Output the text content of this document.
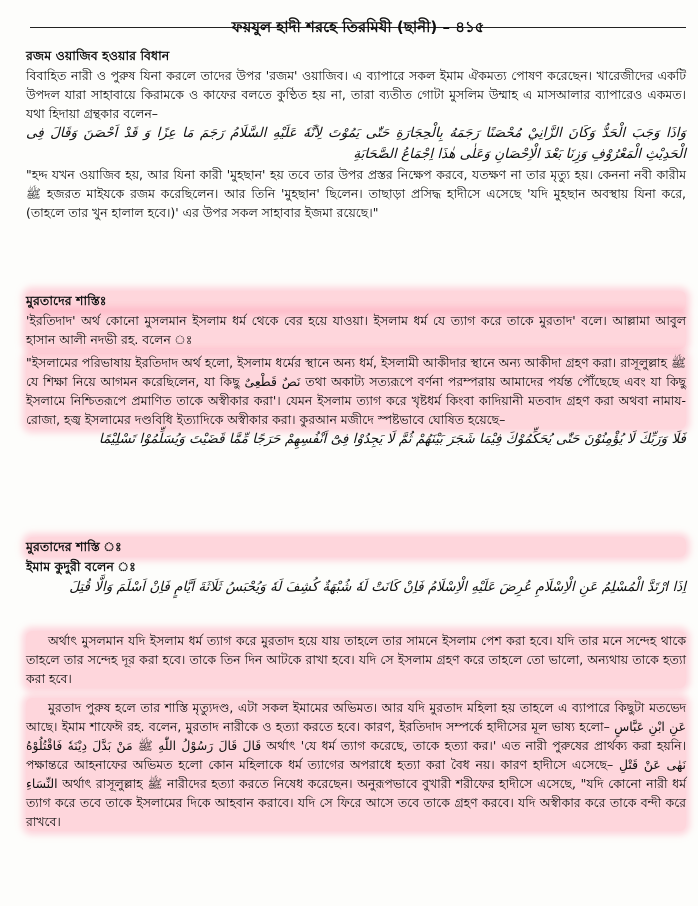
ফয়যুল হাদী শরহে তিরমিযী (ছানী) – ৪১৫

রজম ওয়াজিব হওয়ার বিধান

বিবাহিত নারী ও পুরুষ যিনা করলে তাদের উপর 'রজম' ওয়াজিব। এ ব্যাপারে সকল ইমাম ঐকমত্য পোষণ করেছেন। খারেজীদের একটি উপদল যারা সাহাবায়ে কিরামকে ও কাফের বলতে কুণ্ঠিত হয় না, তারা ব্যতীত গোটা মুসলিম উম্মাহ এ মাসআলার ব্যাপারেও একমত। যথা হিদায়া গ্রন্থকার বলেন–

وَاذَا وَجَبَ الْحَدُّ وَكَانَ الزَّانِيْ مُحْصَنًا رَجَمَهُ بِالْحِجَارَةِ حَتّٰى يَمُوْتَ لِاَنَّهٗ عَلَيْهِ السَّلَامُ رَجَمَ مَا عِزًا وَ قَدْ اَحْصَنَ وَقَالَ فِى الْحَدِيْثِ الْمَعْرُوْفِ وَزِنَا بَعْدَ الْاِحْصَانِ وَعَلٰى هٰذَا اِجْمَاعُ الصَّحَابَةِ

"হদ্দ যখন ওয়াজিব হয়, আর যিনা কারী 'মুহছান' হয় তবে তার উপর প্রস্তর নিক্ষেপ করবে, যতক্ষণ না তার মৃত্যু হয়। কেননা নবী কারীম ﷺ হজরত মাইযকে রজম করেছিলেন। আর তিনি 'মুহছান' ছিলেন। তাছাড়া প্রসিদ্ধ হাদীসে এসেছে 'যদি মুহছান অবস্থায় যিনা করে, (তাহলে তার খুন হালাল হবে।)' এর উপর সকল সাহাবার ইজমা রয়েছে।"

মুরতাদের শাস্তিঃ

'ইরতিদাদ' অর্থ কোনো মুসলমান ইসলাম ধর্ম থেকে বের হয়ে যাওয়া। ইসলাম ধর্ম যে ত্যাগ করে তাকে মুরতাদ' বলে। আল্লামা আবুল হাসান আলী নদভী রহ. বলেন ঃ

"ইসলামের পরিভাষায় ইরতিদাদ অর্থ হলো, ইসলাম ধর্মের স্থানে অন্য ধর্ম, ইসলামী আকীদার স্থানে অন্য আকীদা গ্রহণ করা। রাসূলুল্লাহ ﷺ যে শিক্ষা নিয়ে আগমন করেছিলেন, যা কিছু نَصٌ قَطْعِىٌ তথা অকাট্য সত্যরূপে বর্ণনা পরম্পরায় আমাদের পর্যন্ত পৌঁছেছে এবং যা কিছু ইসলামে নিশ্চিতরূপে প্রমাণিত তাকে অস্বীকার করা'। যেমন ইসলাম ত্যাগ করে খৃষ্টধর্ম কিংবা কাদিয়ানী মতবাদ গ্রহণ করা অথবা নামায-রোজা, হজ্ব ইসলামের দণ্ডবিধি ইত্যাদিকে অস্বীকার করা। কুরআন মজীদে স্পষ্টভাবে ঘোষিত হয়েছে–

فَلَا وَرَبِّكَ لَا يُؤْمِنُوْنَ حَتّٰى يُحَكِّمُوْكَ فِيْمَا شَجَرَ بَيْنَهُمْ ثُمَّ لَا يَجِدُوْا فِىْٓ اَنْفُسِهِمْ حَرَجًا مِّمَّا قَضَيْتَ وَيُسَلِّمُوْا تَسْلِيْمًا

মুরতাদের শাস্তি ঃ

ইমাম কুদুরী বলেন ঃ

اِذَا ارْتَدَّ الْمُسْلِمُ عَنِ الْاِسْلَامِ عُرِضَ عَلَيْهِ الْاِسْلَامُ فَاِنْ كَانَتْ لَهٗ شُبْهَةٌ كُشِفَ لَهٗ وَيُحْبَسُ ثَلَاثَةَ اَيَّامٍ فَاِنْ اَسْلَمَ وَالَّا قُتِلَ

অর্থাৎ মুসলমান যদি ইসলাম ধর্ম ত্যাগ করে মুরতাদ হয়ে যায় তাহলে তার সামনে ইসলাম পেশ করা হবে। যদি তার মনে সন্দেহ থাকে তাহলে তার সন্দেহ দূর করা হবে। তাকে তিন দিন আটকে রাখা হবে। যদি সে ইসলাম গ্রহণ করে তাহলে তো ভালো, অন্যথায় তাকে হত্যা করা হবে।

মুরতাদ পুরুষ হলে তার শাস্তি মৃত্যুদণ্ড, এটা সকল ইমামের অভিমত। আর যদি মুরতাদ মহিলা হয় তাহলে এ ব্যাপারে কিছুটা মতভেদ আছে। ইমাম শাফেঈ রহ. বলেন, মুরতাদ নারীকে ও হত্যা করতে হবে। কারণ, ইরতিদাদ সম্পর্কে হাদীসের মূল ভাষ্য হলো– عَنِ ابْنِ عَبَّاسٍ قَالَ قَالَ رَسُوْلُ اللّٰهِ ﷺ مَنْ بَدَّلَ دِيْنَهٗ فَاقْتُلُوْهُ অর্থাৎ 'যে ধর্ম ত্যাগ করেছে, তাকে হত্যা কর।' এত নারী পুরুষের প্রার্থক্য করা হয়নি। পক্ষান্তরে আহনাফের অভিমত হলো কোন মহিলাকে ধর্ম ত্যাগের অপরাধে হত্যা করা বৈধ নয়। কারণ হাদীসে এসেছে– نَهٰى عَنْ قَتْلِ النِّسَاءِ অর্থাৎ রাসূলুল্লাহ ﷺ নারীদের হত্যা করতে নিষেধ করেছেন। অনুরূপভাবে বুখারী শরীফের হাদীসে এসেছে, "যদি কোনো নারী ধর্ম ত্যাগ করে তবে তাকে ইসলামের দিকে আহবান করাবে। যদি সে ফিরে আসে তবে তাকে গ্রহণ করবে। যদি অস্বীকার করে তাকে বন্দী করে রাখবে।
